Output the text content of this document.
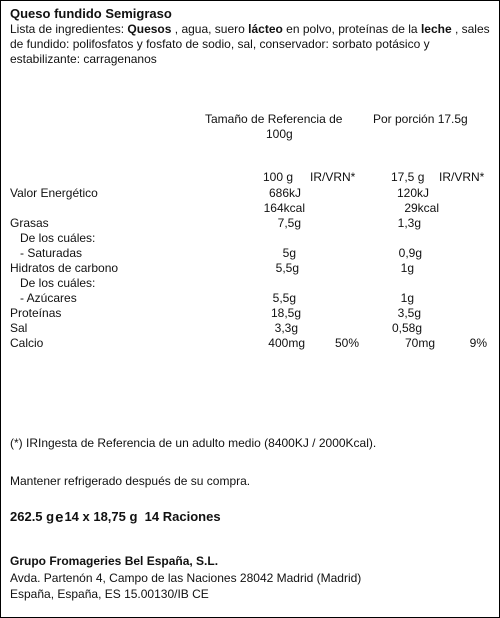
Queso fundido Semigraso
Lista de ingredientes: Quesos , agua, suero lácteo en polvo, proteínas de la leche , sales de fundido: polifosfatos y fosfato de sodio, sal, conservador: sorbato potásico y estabilizante: carragenanos
Tamaño de Referencia de
100g
Por porción 17.5g
100 g IR/VRN*	17,5 g IR/VRN*
Valor Energético	686kJ	120kJ
164kcal	29kcal
Grasas	7,5g	1,3g
De los cuáles:
- Saturadas	5g	0,9g
Hidratos de carbono	5,5g	1g
De los cuáles:
- Azúcares	5,5g	1g
Proteínas	18,5g	3,5g
Sal	3,3g	0,58g
Calcio	400mg	50%	70mg	9%
(*) IRIngesta de Referencia de un adulto medio (8400KJ / 2000Kcal).
Mantener refrigerado después de su compra.
262.5 ge14 x 18,75 g 14 Raciones
Grupo Fromageries Bel España, S.L.
Avda. Partenón 4, Campo de las Naciones 28042 Madrid (Madrid)
España, España, ES 15.00130/IB CE
